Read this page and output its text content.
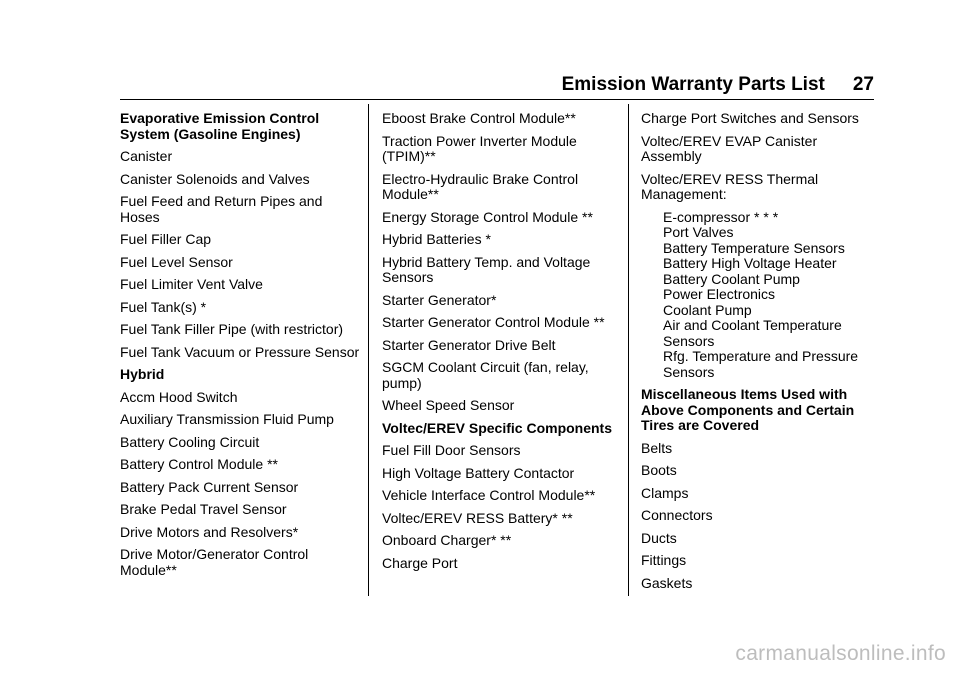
Emission Warranty Parts List 27
Evaporative Emission Control System (Gasoline Engines)
Canister
Canister Solenoids and Valves
Fuel Feed and Return Pipes and Hoses
Fuel Filler Cap
Fuel Level Sensor
Fuel Limiter Vent Valve
Fuel Tank(s) *
Fuel Tank Filler Pipe (with restrictor)
Fuel Tank Vacuum or Pressure Sensor
Hybrid
Accm Hood Switch
Auxiliary Transmission Fluid Pump
Battery Cooling Circuit
Battery Control Module **
Battery Pack Current Sensor
Brake Pedal Travel Sensor
Drive Motors and Resolvers*
Drive Motor/Generator Control Module**
Eboost Brake Control Module**
Traction Power Inverter Module (TPIM)**
Electro-Hydraulic Brake Control Module**
Energy Storage Control Module **
Hybrid Batteries *
Hybrid Battery Temp. and Voltage Sensors
Starter Generator*
Starter Generator Control Module **
Starter Generator Drive Belt
SGCM Coolant Circuit (fan, relay, pump)
Wheel Speed Sensor
Voltec/EREV Specific Components
Fuel Fill Door Sensors
High Voltage Battery Contactor
Vehicle Interface Control Module**
Voltec/EREV RESS Battery* **
Onboard Charger* **
Charge Port
Charge Port Switches and Sensors
Voltec/EREV EVAP Canister Assembly
Voltec/EREV RESS Thermal Management:
E-compressor * * *
Port Valves
Battery Temperature Sensors
Battery High Voltage Heater
Battery Coolant Pump
Power Electronics
Coolant Pump
Air and Coolant Temperature Sensors
Rfg. Temperature and Pressure Sensors
Miscellaneous Items Used with Above Components and Certain Tires are Covered
Belts
Boots
Clamps
Connectors
Ducts
Fittings
Gaskets
carmanualsonline.info
